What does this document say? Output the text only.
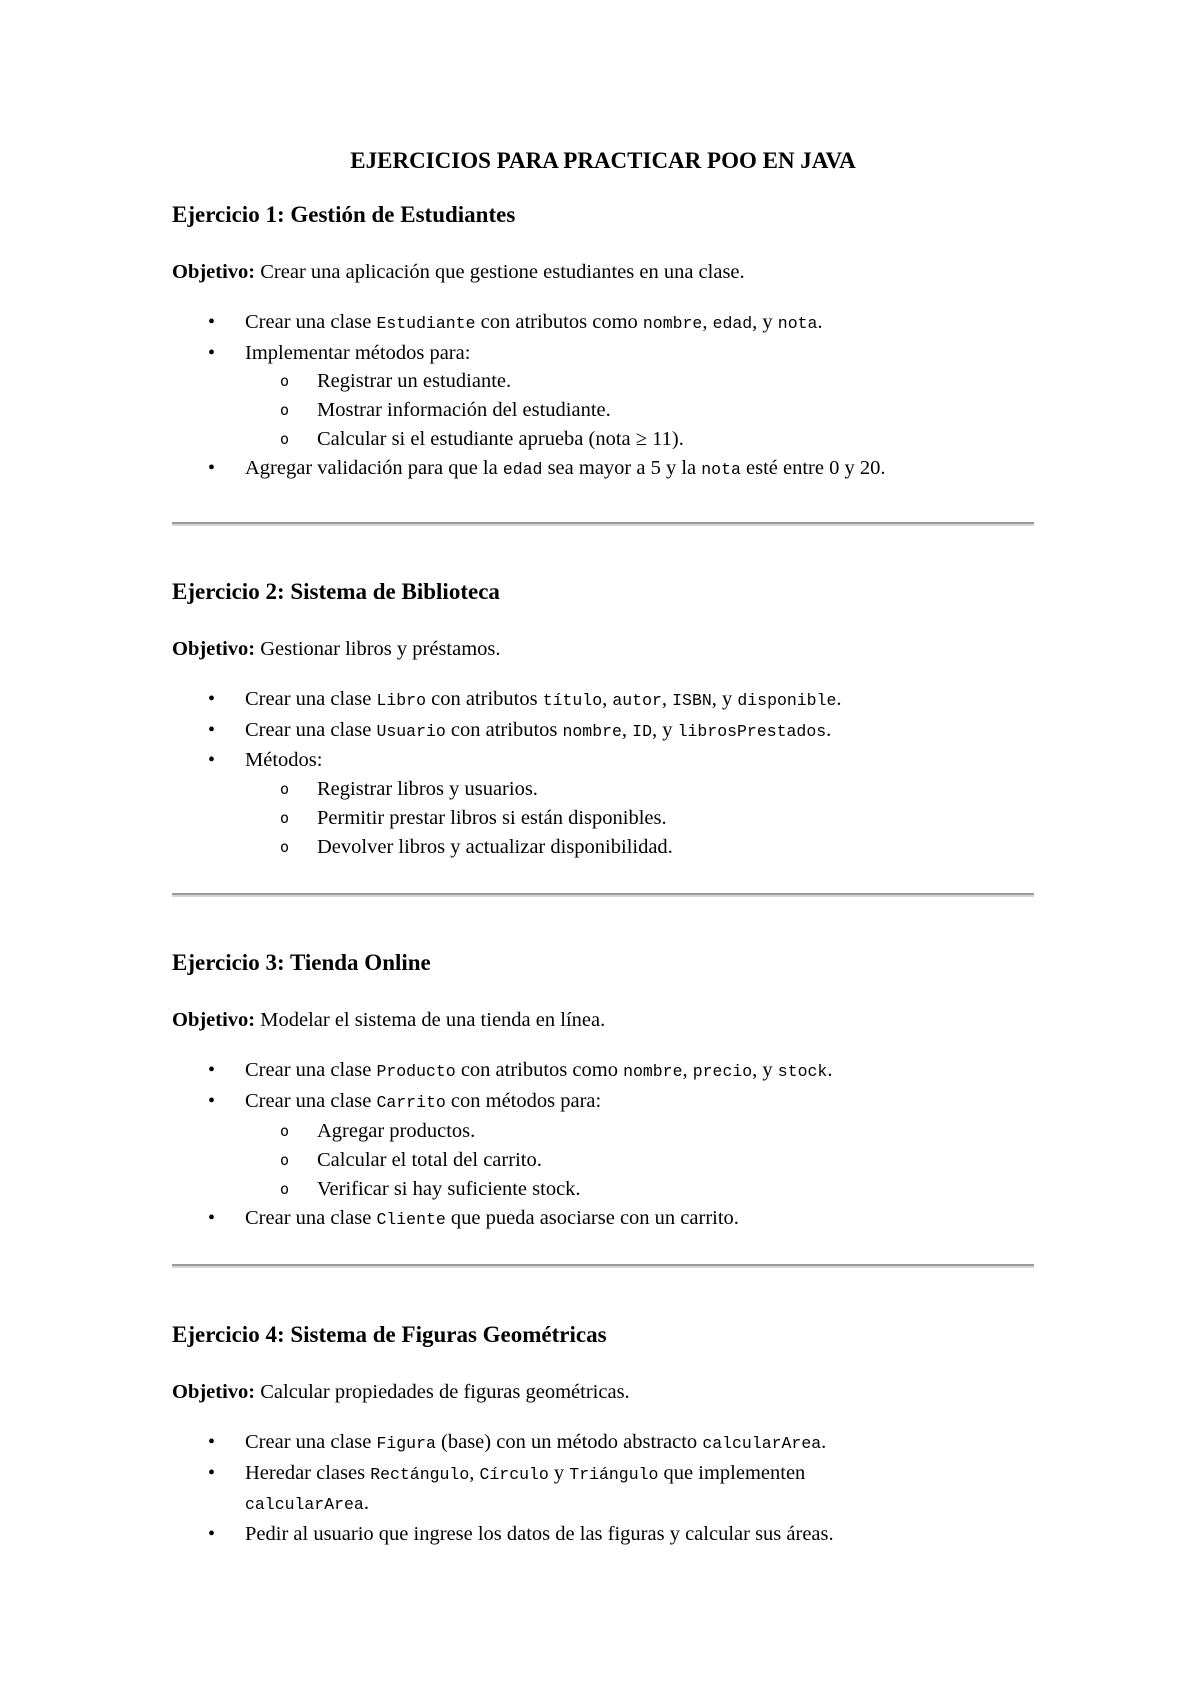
EJERCICIOS PARA PRACTICAR POO EN JAVA
Ejercicio 1: Gestión de Estudiantes

Objetivo: Crear una aplicación que gestione estudiantes en una clase.

• Crear una clase Estudiante con atributos como nombre, edad, y nota.
• Implementar métodos para:
o Registrar un estudiante.
o Mostrar información del estudiante.
o Calcular si el estudiante aprueba (nota ≥ 11).
• Agregar validación para que la edad sea mayor a 5 y la nota esté entre 0 y 20.
Ejercicio 2: Sistema de Biblioteca

Objetivo: Gestionar libros y préstamos.

• Crear una clase Libro con atributos título, autor, ISBN, y disponible.
• Crear una clase Usuario con atributos nombre, ID, y librosPrestados.
• Métodos:
o Registrar libros y usuarios.
o Permitir prestar libros si están disponibles.
o Devolver libros y actualizar disponibilidad.
Ejercicio 3: Tienda Online

Objetivo: Modelar el sistema de una tienda en línea.

• Crear una clase Producto con atributos como nombre, precio, y stock.
• Crear una clase Carrito con métodos para:
o Agregar productos.
o Calcular el total del carrito.
o Verificar si hay suficiente stock.
• Crear una clase Cliente que pueda asociarse con un carrito.
Ejercicio 4: Sistema de Figuras Geométricas

Objetivo: Calcular propiedades de figuras geométricas.

• Crear una clase Figura (base) con un método abstracto calcularArea.
• Heredar clases Rectángulo, Círculo y Triángulo que implementen calcularArea.
• Pedir al usuario que ingrese los datos de las figuras y calcular sus áreas.
